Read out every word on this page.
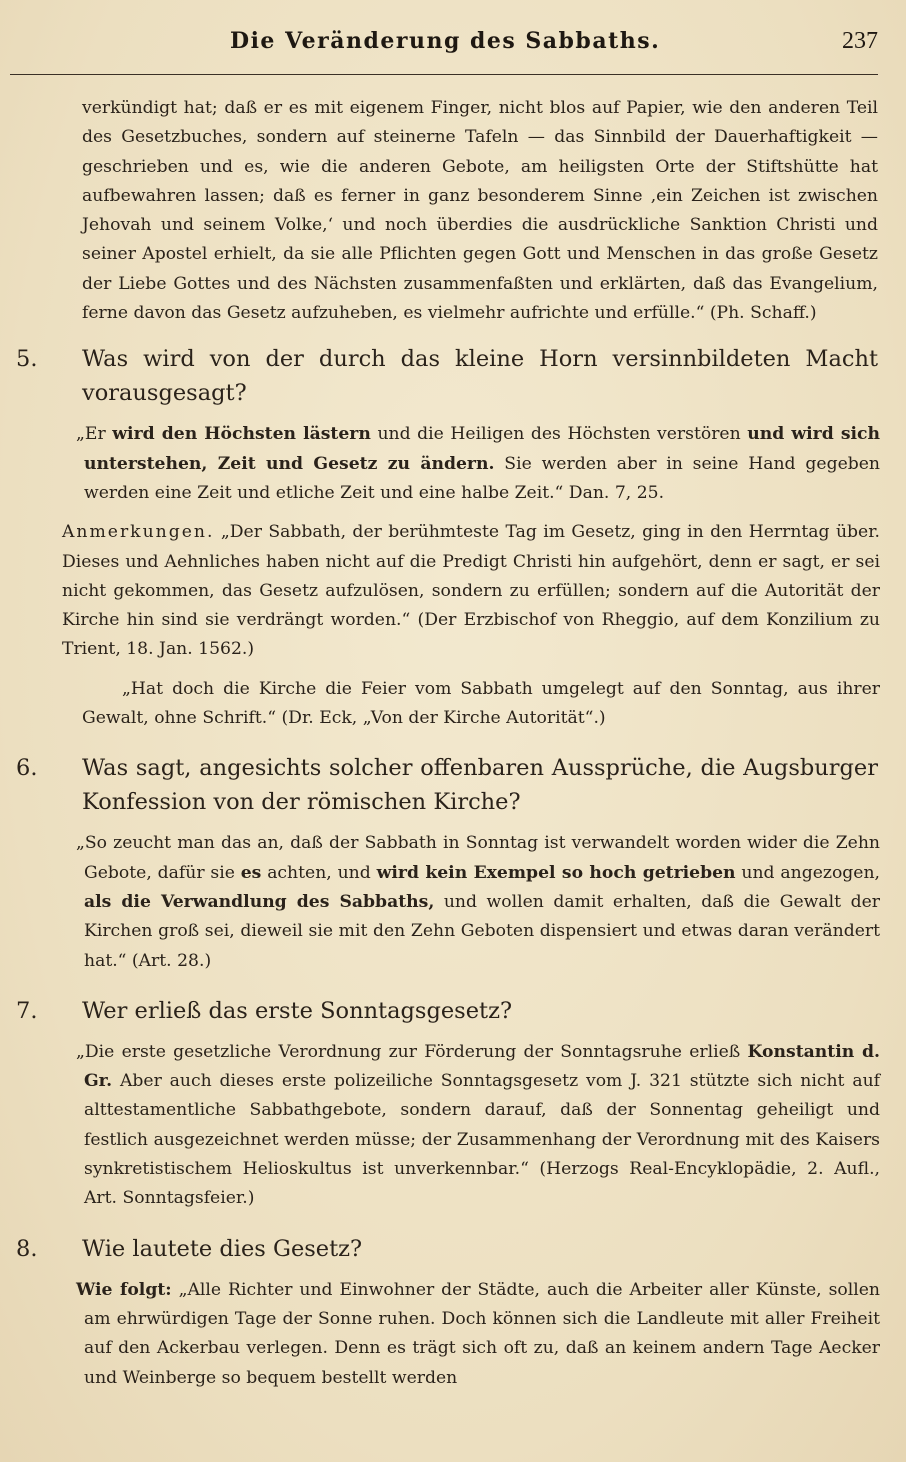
Die Veränderung des Sabbaths.	237

verkündigt hat; daß er es mit eigenem Finger, nicht blos auf Papier, wie den anderen Teil des Gesetzbuches, sondern auf steinerne Tafeln — das Sinnbild der Dauerhaftigkeit — geschrieben und es, wie die anderen Gebote, am heiligsten Orte der Stiftshütte hat aufbewahren lassen; daß es ferner in ganz besonderem Sinne ‚ein Zeichen ist zwischen Jehovah und seinem Volke,‘ und noch überdies die ausdrückliche Sanktion Christi und seiner Apostel erhielt, da sie alle Pflichten gegen Gott und Menschen in das große Gesetz der Liebe Gottes und des Nächsten zusammenfaßten und erklärten, daß das Evangelium, ferne davon das Gesetz aufzuheben, es vielmehr aufrichte und erfülle.“ (Ph. Schaff.)

5.	Was wird von der durch das kleine Horn versinnbildeten Macht vorausgesagt?

„Er wird den Höchsten lästern und die Heiligen des Höchsten verstören und wird sich unterstehen, Zeit und Gesetz zu ändern. Sie werden aber in seine Hand gegeben werden eine Zeit und etliche Zeit und eine halbe Zeit.“ Dan. 7, 25.

Anmerkungen. „Der Sabbath, der berühmteste Tag im Gesetz, ging in den Herrntag über. Dieses und Aehnliches haben nicht auf die Predigt Christi hin aufgehört, denn er sagt, er sei nicht gekommen, das Gesetz aufzulösen, sondern zu erfüllen; sondern auf die Autorität der Kirche hin sind sie verdrängt worden.“ (Der Erzbischof von Rheggio, auf dem Konzilium zu Trient, 18. Jan. 1562.)

„Hat doch die Kirche die Feier vom Sabbath umgelegt auf den Sonntag, aus ihrer Gewalt, ohne Schrift.“ (Dr. Eck, „Von der Kirche Autorität“.)

6.	Was sagt, angesichts solcher offenbaren Aussprüche, die Augsburger Konfession von der römischen Kirche?

„So zeucht man das an, daß der Sabbath in Sonntag ist verwandelt worden wider die Zehn Gebote, dafür sie es achten, und wird kein Exempel so hoch getrieben und angezogen, als die Verwandlung des Sabbaths, und wollen damit erhalten, daß die Gewalt der Kirchen groß sei, dieweil sie mit den Zehn Geboten dispensiert und etwas daran verändert hat.“ (Art. 28.)

7.	Wer erließ das erste Sonntagsgesetz?

„Die erste gesetzliche Verordnung zur Förderung der Sonntagsruhe erließ Konstantin d. Gr. Aber auch dieses erste polizeiliche Sonntagsgesetz vom J. 321 stützte sich nicht auf alttestamentliche Sabbathgebote, sondern darauf, daß der Sonnentag geheiligt und festlich ausgezeichnet werden müsse; der Zusammenhang der Verordnung mit des Kaisers synkretistischem Helioskultus ist unverkennbar.“ (Herzogs Real-Encyklopädie, 2. Aufl., Art. Sonntagsfeier.)

8.	Wie lautete dies Gesetz?

Wie folgt: „Alle Richter und Einwohner der Städte, auch die Arbeiter aller Künste, sollen am ehrwürdigen Tage der Sonne ruhen. Doch können sich die Landleute mit aller Freiheit auf den Ackerbau verlegen. Denn es trägt sich oft zu, daß an keinem andern Tage Aecker und Weinberge so bequem bestellt werden
